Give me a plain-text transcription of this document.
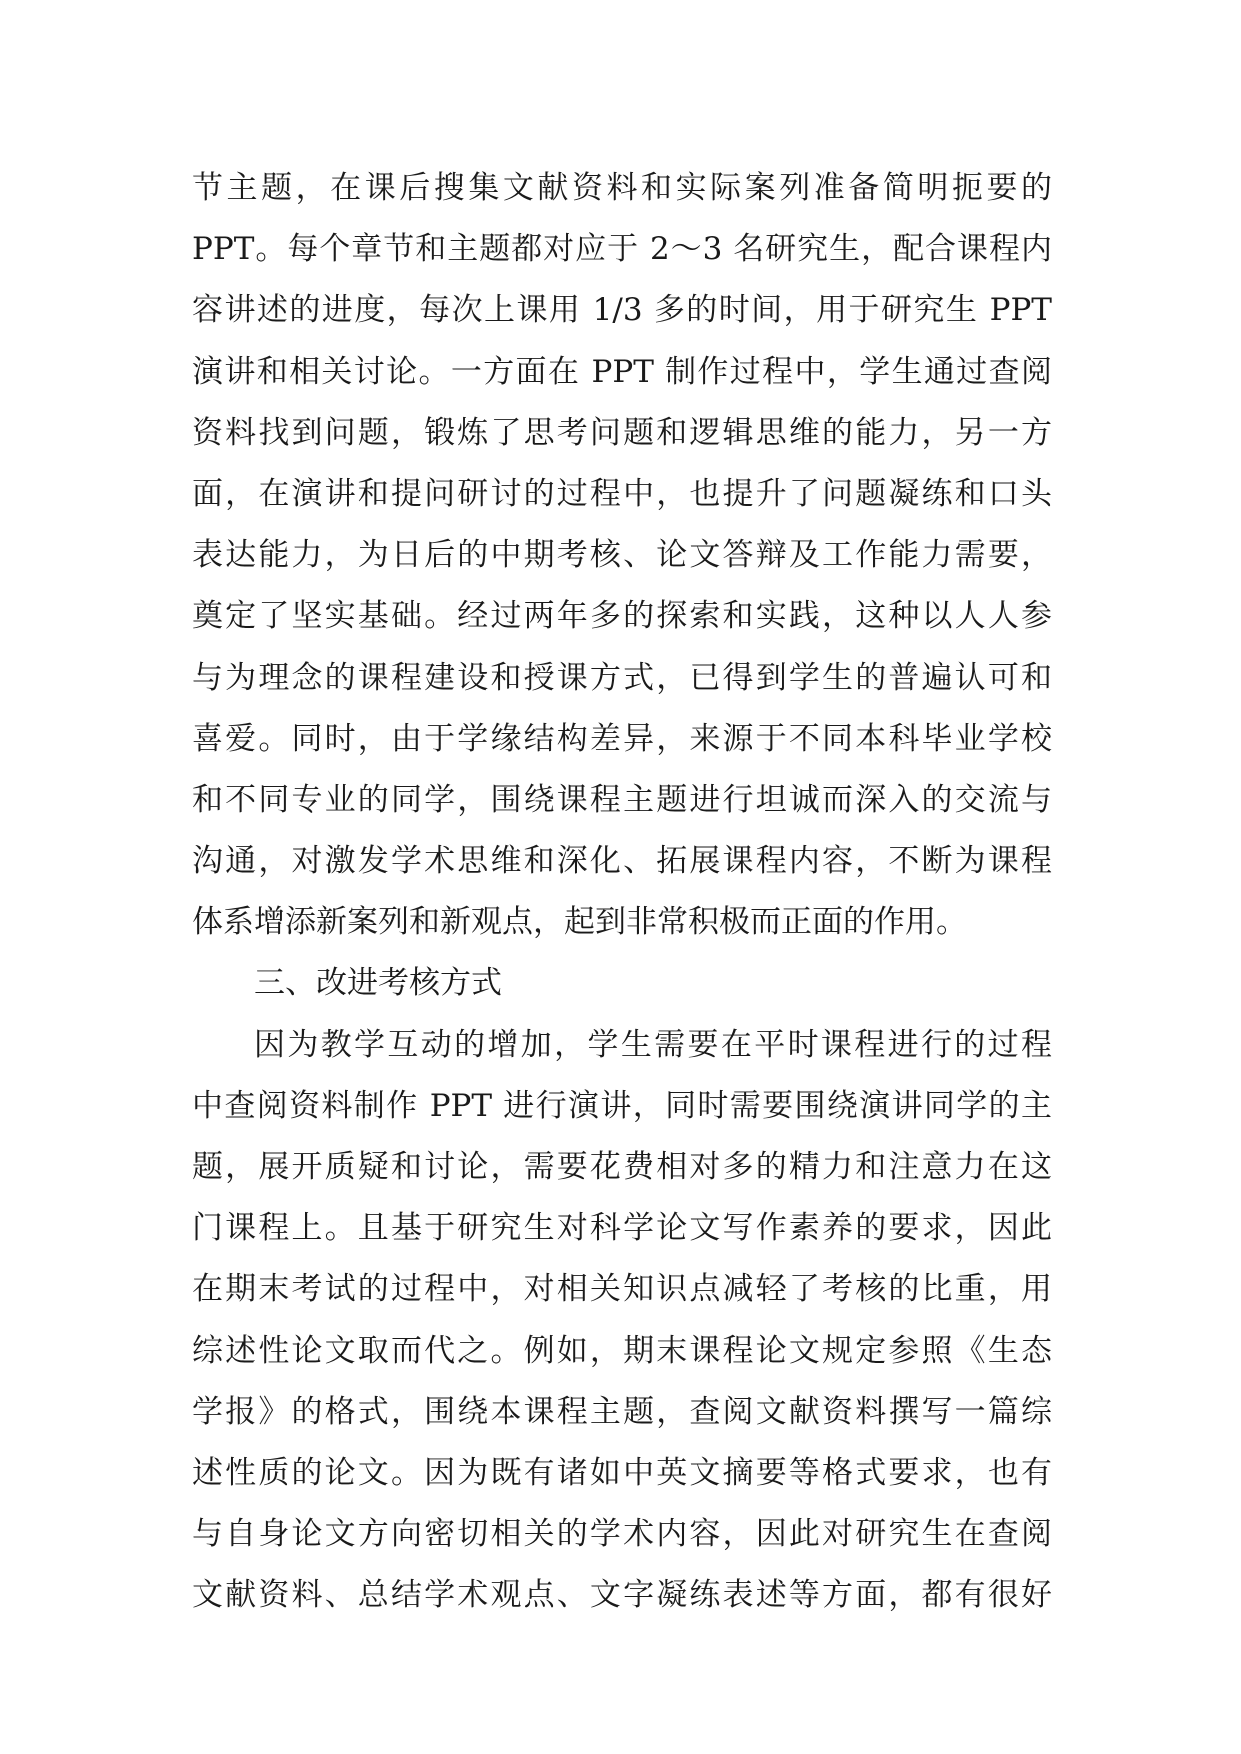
节主题，在课后搜集文献资料和实际案列准备简明扼要的
PPT。每个章节和主题都对应于 2～3 名研究生，配合课程内
容讲述的进度，每次上课用 1/3 多的时间，用于研究生 PPT
演讲和相关讨论。一方面在 PPT 制作过程中，学生通过查阅
资料找到问题，锻炼了思考问题和逻辑思维的能力，另一方
面，在演讲和提问研讨的过程中，也提升了问题凝练和口头
表达能力，为日后的中期考核、论文答辩及工作能力需要，
奠定了坚实基础。经过两年多的探索和实践，这种以人人参
与为理念的课程建设和授课方式，已得到学生的普遍认可和
喜爱。同时，由于学缘结构差异，来源于不同本科毕业学校
和不同专业的同学，围绕课程主题进行坦诚而深入的交流与
沟通，对激发学术思维和深化、拓展课程内容，不断为课程
体系增添新案列和新观点，起到非常积极而正面的作用。
三、改进考核方式
因为教学互动的增加，学生需要在平时课程进行的过程
中查阅资料制作 PPT 进行演讲，同时需要围绕演讲同学的主
题，展开质疑和讨论，需要花费相对多的精力和注意力在这
门课程上。且基于研究生对科学论文写作素养的要求，因此
在期末考试的过程中，对相关知识点减轻了考核的比重，用
综述性论文取而代之。例如，期末课程论文规定参照《生态
学报》的格式，围绕本课程主题，查阅文献资料撰写一篇综
述性质的论文。因为既有诸如中英文摘要等格式要求，也有
与自身论文方向密切相关的学术内容，因此对研究生在查阅
文献资料、总结学术观点、文字凝练表述等方面，都有很好
